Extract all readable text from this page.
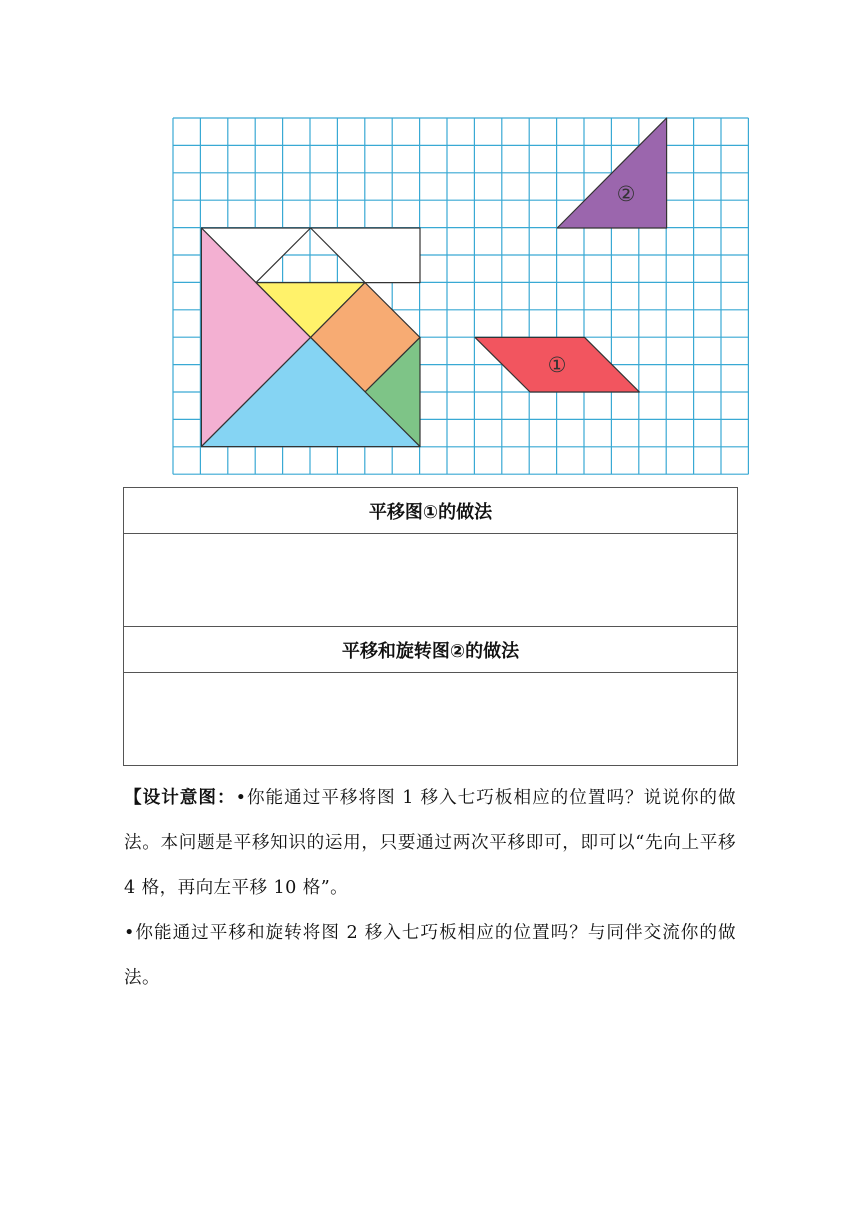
①
②
平移图①的做法

平移和旋转图②的做法

【设计意图：•你能通过平移将图 1 移入七巧板相应的位置吗？说说你的做法。本问题是平移知识的运用，只要通过两次平移即可，即可以“先向上平移 4 格，再向左平移 10 格”。

•你能通过平移和旋转将图 2 移入七巧板相应的位置吗？与同伴交流你的做法。
